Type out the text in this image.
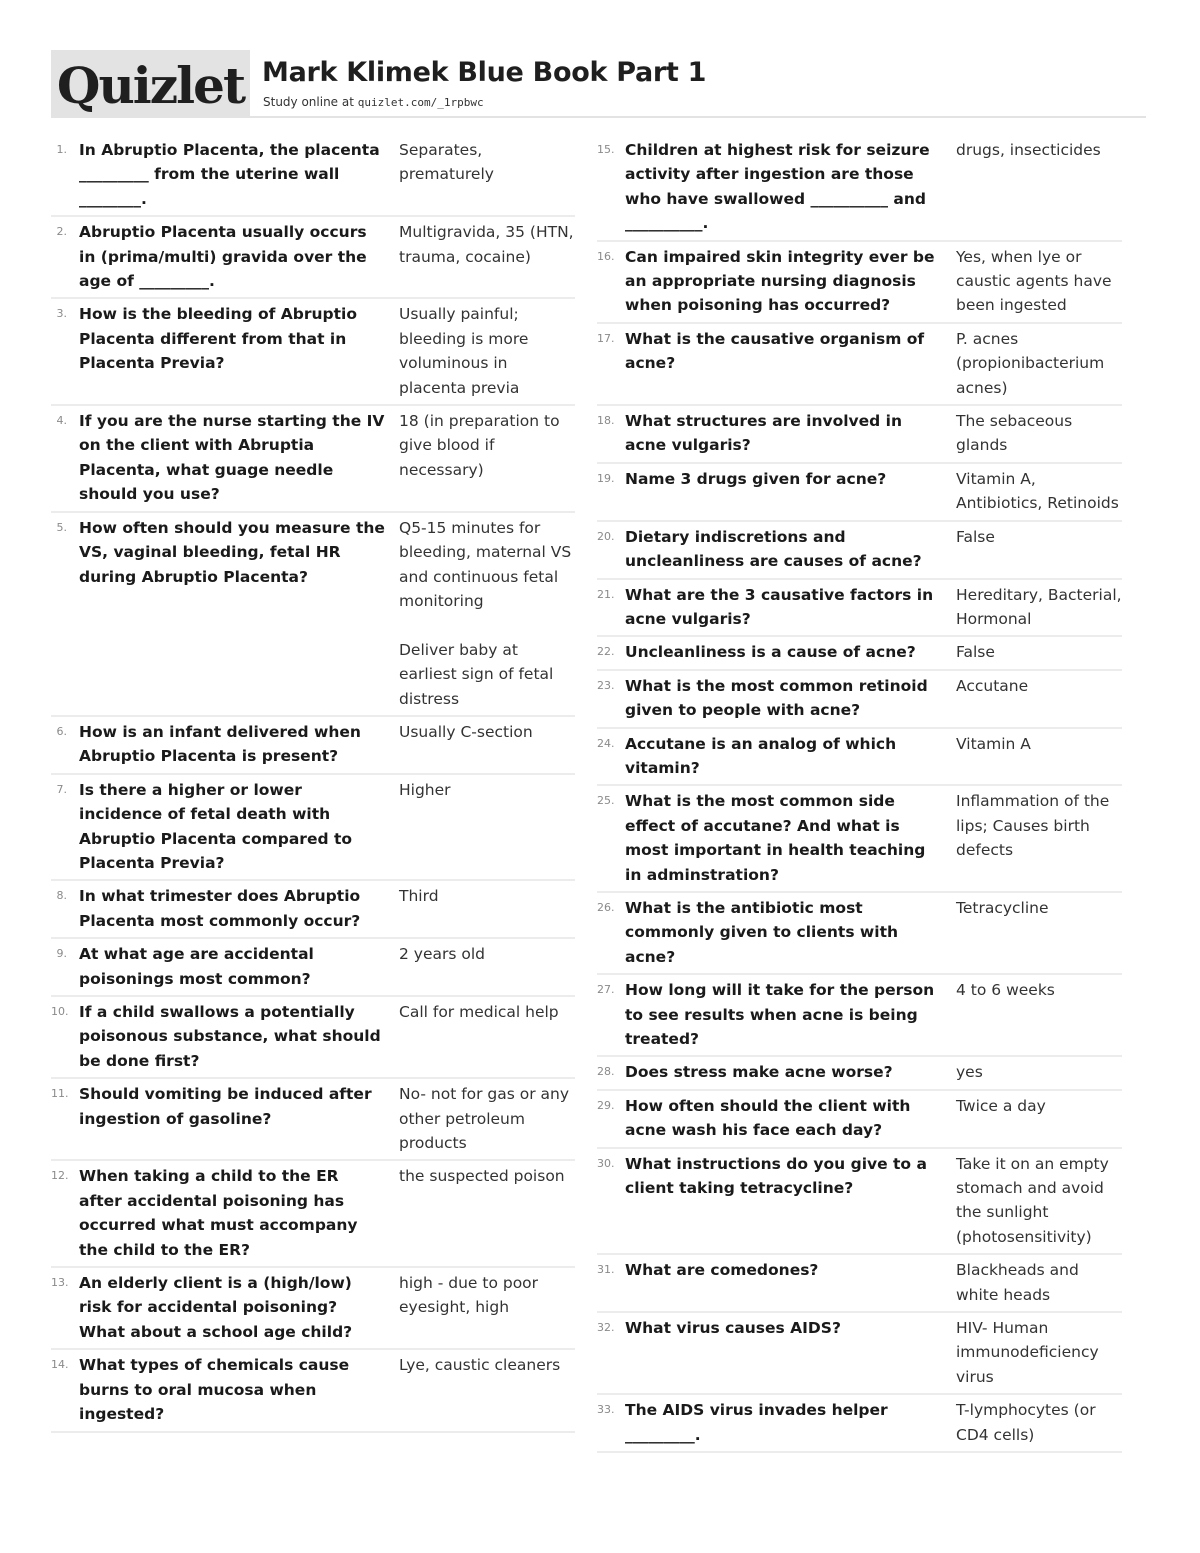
Quizlet Mark Klimek Blue Book Part 1
Study online at quizlet.com/_1rpbwc
1. In Abruptio Placenta, the placenta _________ from the uterine wall ________.
Separates, prematurely
2. Abruptio Placenta usually occurs in (prima/multi) gravida over the age of _________.
Multigravida, 35 (HTN, trauma, cocaine)
3. How is the bleeding of Abruptio Placenta different from that in Placenta Previa?
Usually painful; bleeding is more voluminous in placenta previa
4. If you are the nurse starting the IV on the client with Abruptia Placenta, what guage needle should you use?
18 (in preparation to give blood if necessary)
5. How often should you measure the VS, vaginal bleeding, fetal HR during Abruptio Placenta?
Q5-15 minutes for bleeding, maternal VS and continuous fetal monitoring

Deliver baby at earliest sign of fetal distress
6. How is an infant delivered when Abruptio Placenta is present?
Usually C-section
7. Is there a higher or lower incidence of fetal death with Abruptio Placenta compared to Placenta Previa?
Higher
8. In what trimester does Abruptio Placenta most commonly occur?
Third
9. At what age are accidental poisonings most common?
2 years old
10. If a child swallows a potentially poisonous substance, what should be done first?
Call for medical help
11. Should vomiting be induced after ingestion of gasoline?
No- not for gas or any other petroleum products
12. When taking a child to the ER after accidental poisoning has occurred what must accompany the child to the ER?
the suspected poison
13. An elderly client is a (high/low) risk for accidental poisoning? What about a school age child?
high - due to poor eyesight, high
14. What types of chemicals cause burns to oral mucosa when ingested?
Lye, caustic cleaners
15. Children at highest risk for seizure activity after ingestion are those who have swallowed __________ and __________.
drugs, insecticides
16. Can impaired skin integrity ever be an appropriate nursing diagnosis when poisoning has occurred?
Yes, when lye or caustic agents have been ingested
17. What is the causative organism of acne?
P. acnes (propionibacterium acnes)
18. What structures are involved in acne vulgaris?
The sebaceous glands
19. Name 3 drugs given for acne?	Vitamin A, Antibiotics, Retinoids
20. Dietary indiscretions and uncleanliness are causes of acne?
False
21. What are the 3 causative factors in acne vulgaris?
Hereditary, Bacterial, Hormonal
22. Uncleanliness is a cause of acne?	False
23. What is the most common retinoid given to people with acne?
Accutane
24. Accutane is an analog of which vitamin?
Vitamin A
25. What is the most common side effect of accutane? And what is most important in health teaching in adminstration?
Inflammation of the lips; Causes birth defects
26. What is the antibiotic most commonly given to clients with acne?
Tetracycline
27. How long will it take for the person to see results when acne is being treated?
4 to 6 weeks
28. Does stress make acne worse?	yes
29. How often should the client with acne wash his face each day?
Twice a day
30. What instructions do you give to a client taking tetracycline?
Take it on an empty stomach and avoid the sunlight (photosensitivity)
31. What are comedones?	Blackheads and white heads
32. What virus causes AIDS?	HIV- Human immunodeficiency virus
33. The AIDS virus invades helper _________.
T-lymphocytes (or CD4 cells)
